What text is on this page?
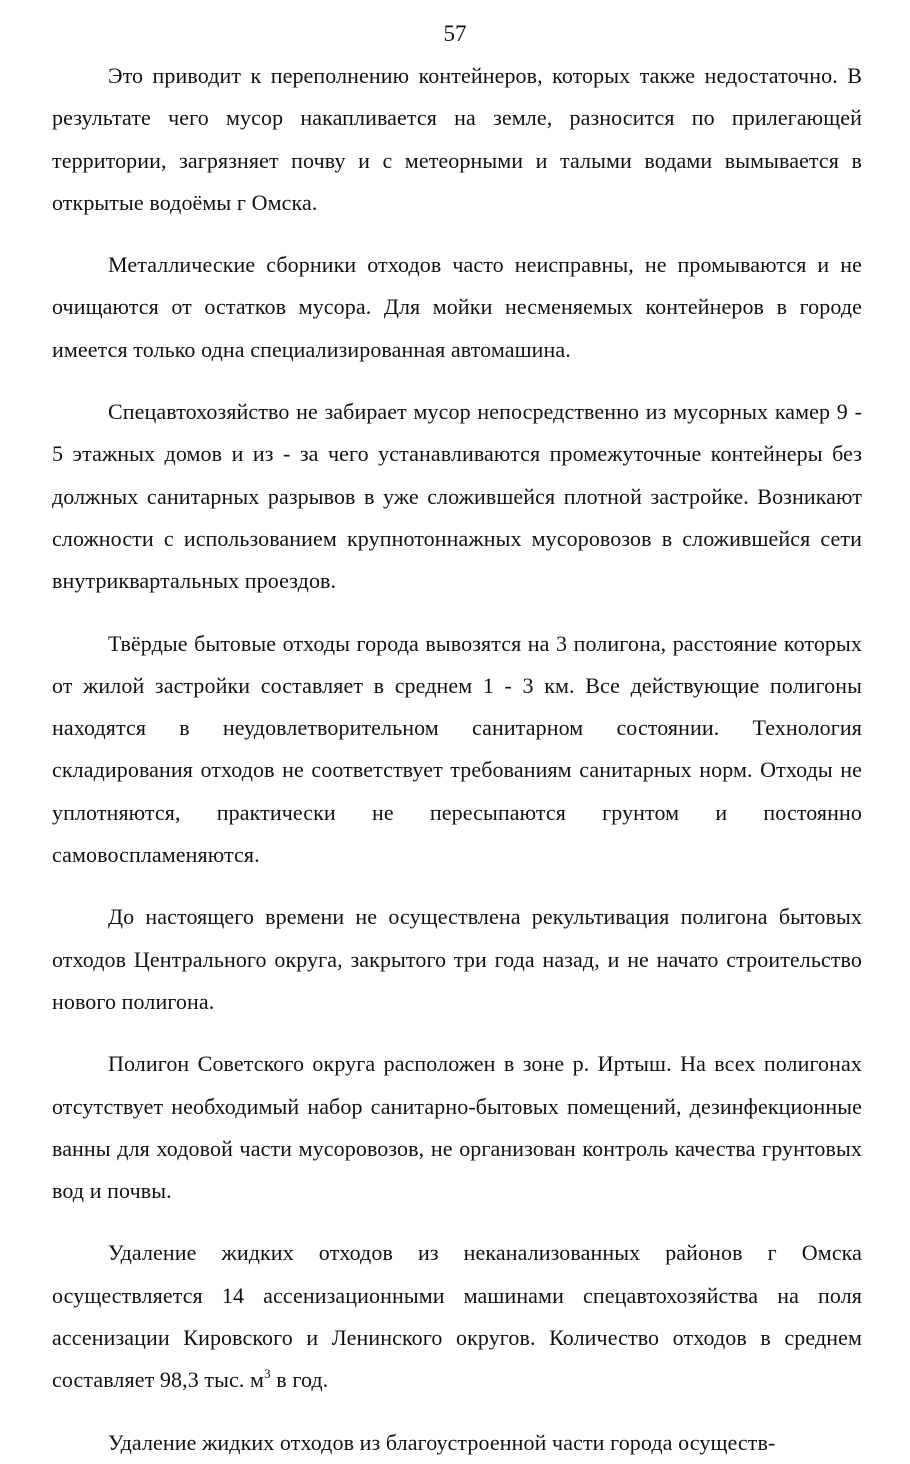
57

Это приводит к переполнению контейнеров, которых также недостаточно. В результате чего мусор накапливается на земле, разносится по прилегающей территории, загрязняет почву и с метеорными и талыми водами вымывается в открытые водоёмы г Омска.

Металлические сборники отходов часто неисправны, не промываются и не очищаются от остатков мусора. Для мойки несменяемых контейнеров в городе имеется только одна специализированная автомашина.

Спецавтохозяйство не забирает мусор непосредственно из мусорных камер 9 - 5 этажных домов и из - за чего устанавливаются промежуточные контейнеры без должных санитарных разрывов в уже сложившейся плотной застройке. Возникают сложности с использованием крупнотоннажных мусоровозов в сложившейся сети внутриквартальных проездов.

Твёрдые бытовые отходы города вывозятся на 3 полигона, расстояние которых от жилой застройки составляет в среднем 1 - 3 км. Все действующие полигоны находятся в неудовлетворительном санитарном состоянии. Технология складирования отходов не соответствует требованиям санитарных норм. Отходы не уплотняются, практически не пересыпаются грунтом и постоянно самовоспламеняются.

До настоящего времени не осуществлена рекультивация полигона бытовых отходов Центрального округа, закрытого три года назад, и не начато строительство нового полигона.

Полигон Советского округа расположен в зоне р. Иртыш. На всех полигонах отсутствует необходимый набор санитарно-бытовых помещений, дезинфекционные ванны для ходовой части мусоровозов, не организован контроль качества грунтовых вод и почвы.

Удаление жидких отходов из неканализованных районов г Омска осуществляется 14 ассенизационными машинами спецавтохозяйства на поля ассенизации Кировского и Ленинского округов. Количество отходов в среднем составляет 98,3 тыс. $м^3$ в год.

Удаление жидких отходов из благоустроенной части города осуществ-
